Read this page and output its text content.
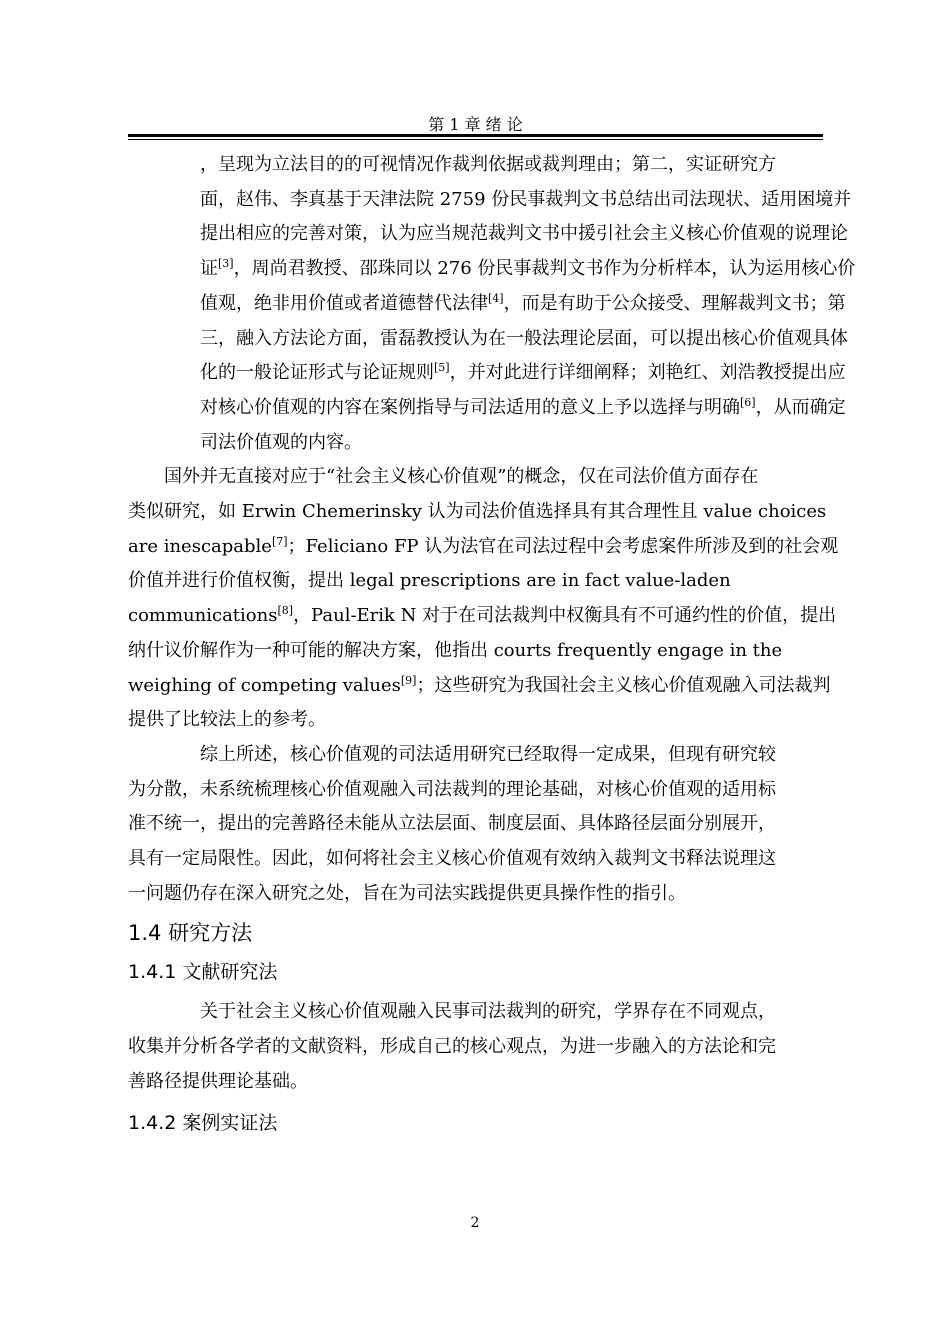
第 1 章 绪 论

，呈现为立法目的的可视情况作裁判依据或裁判理由；第二，实证研究方
面，赵伟、李真基于天津法院 2759 份民事裁判文书总结出司法现状、适用困境并
提出相应的完善对策，认为应当规范裁判文书中援引社会主义核心价值观的说理论
证[3]，周尚君教授、邵珠同以 276 份民事裁判文书作为分析样本，认为运用核心价
值观，绝非用价值或者道德替代法律[4]，而是有助于公众接受、理解裁判文书；第
三，融入方法论方面，雷磊教授认为在一般法理论层面，可以提出核心价值观具体
化的一般论证形式与论证规则[5]，并对此进行详细阐释；刘艳红、刘浩教授提出应
对核心价值观的内容在案例指导与司法适用的意义上予以选择与明确[6]，从而确定
司法价值观的内容。

国外并无直接对应于“社会主义核心价值观”的概念，仅在司法价值方面存在
类似研究，如 Erwin Chemerinsky 认为司法价值选择具有其合理性且 value choices
are inescapable[7]；Feliciano FP 认为法官在司法过程中会考虑案件所涉及到的社会观
价值并进行价值权衡，提出 legal prescriptions are in fact value-laden
communications[8]，Paul-Erik N 对于在司法裁判中权衡具有不可通约性的价值，提出
纳什议价解作为一种可能的解决方案，他指出 courts frequently engage in the
weighing of competing values[9]；这些研究为我国社会主义核心价值观融入司法裁判
提供了比较法上的参考。

综上所述，核心价值观的司法适用研究已经取得一定成果，但现有研究较
为分散，未系统梳理核心价值观融入司法裁判的理论基础，对核心价值观的适用标
准不统一，提出的完善路径未能从立法层面、制度层面、具体路径层面分别展开，
具有一定局限性。因此，如何将社会主义核心价值观有效纳入裁判文书释法说理这
一问题仍存在深入研究之处，旨在为司法实践提供更具操作性的指引。

1.4 研究方法
1.4.1 文献研究法

关于社会主义核心价值观融入民事司法裁判的研究，学界存在不同观点，
收集并分析各学者的文献资料，形成自己的核心观点，为进一步融入的方法论和完
善路径提供理论基础。

1.4.2 案例实证法
2
